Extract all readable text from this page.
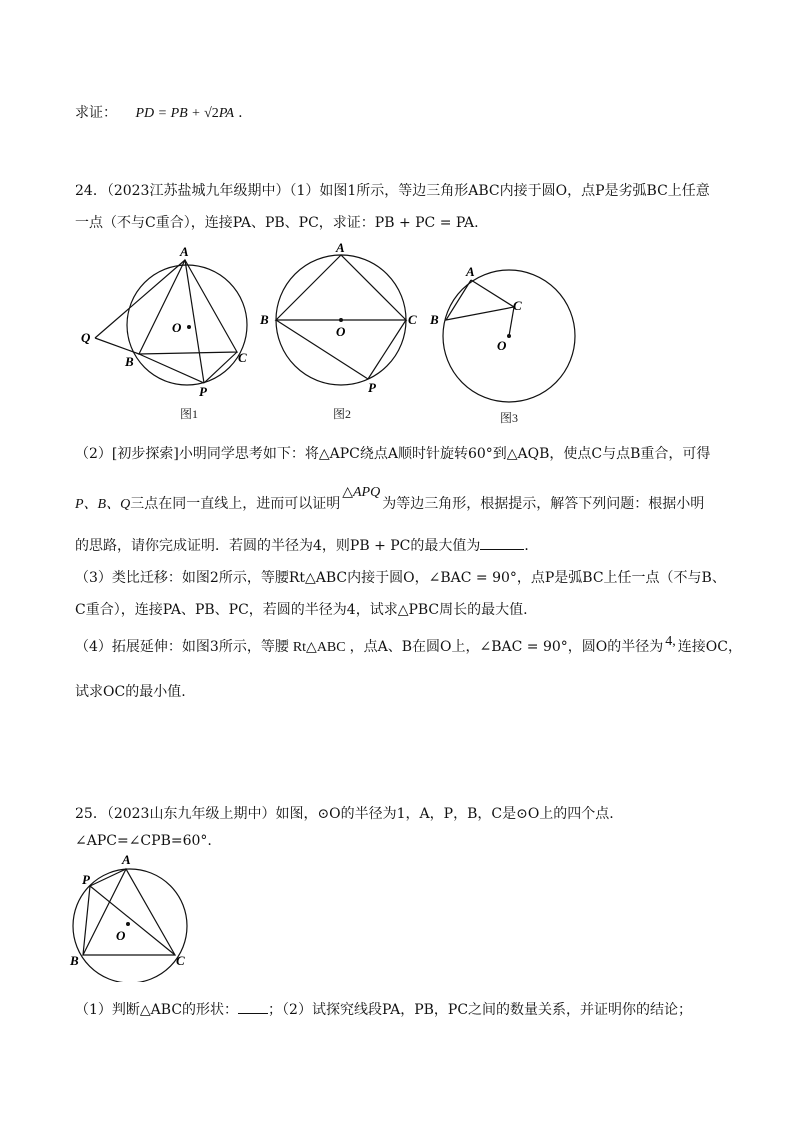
求证： PD = PB + √2PA .
24．（2023江苏盐城九年级期中）（1）如图1所示，等边三角形ABC内接于圆O，点P是劣弧BC上任意
一点（不与C重合），连接PA、PB、PC，求证：PB + PC = PA.
A
O
Q
B	C
P
图1
A
B
O
C
P
图2
A
B
C
O
图3
（2）[初步探索]小明同学思考如下：将△APC绕点A顺时针旋转60°到△AQB，使点C与点B重合，可得
P、B、Q三点在同一直线上，进而可以证明△APQ为等边三角形，根据提示，解答下列问题：根据小明
的思路，请你完成证明．若圆的半径为4，则PB + PC的最大值为	．
（3）类比迁移：如图2所示，等腰Rt△ABC内接于圆O，∠BAC = 90°，点P是弧BC上任一点（不与B、
C重合），连接PA、PB、PC，若圆的半径为4，试求△PBC周长的最大值.
（4）拓展延伸：如图3所示，等腰 Rt△ABC ，点A、B在圆O上，∠BAC = 90°，圆O的半径为 4, 连接OC，
试求OC的最小值.
25．（2023山东九年级上期中）如图，⊙O的半径为1，A，P，B，C是⊙O上的四个点.
∠APC=∠CPB=60°.
A
P
O
B	C
（1）判断△ABC的形状： ；（2）试探究线段PA，PB，PC之间的数量关系，并证明你的结论；
